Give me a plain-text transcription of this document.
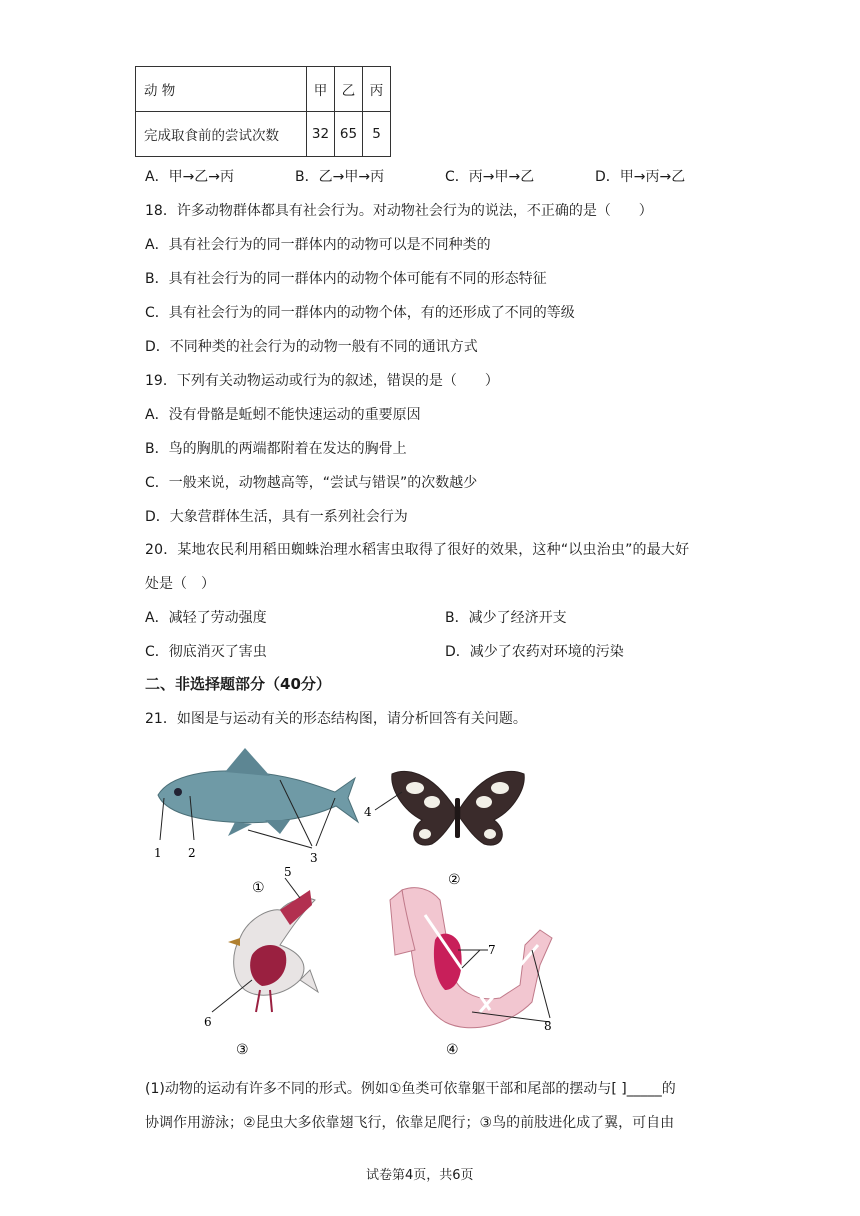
动 物	甲	乙	丙
完成取食前的尝试次数	32	65	5
A．甲→乙→丙	B．乙→甲→丙	C．丙→甲→乙	D．甲→丙→乙
18．许多动物群体都具有社会行为。对动物社会行为的说法，不正确的是（　　）
A．具有社会行为的同一群体内的动物可以是不同种类的
B．具有社会行为的同一群体内的动物个体可能有不同的形态特征
C．具有社会行为的同一群体内的动物个体，有的还形成了不同的等级
D．不同种类的社会行为的动物一般有不同的通讯方式
19．下列有关动物运动或行为的叙述，错误的是（　　）
A．没有骨骼是蚯蚓不能快速运动的重要原因
B．鸟的胸肌的两端都附着在发达的胸骨上
C．一般来说，动物越高等，“尝试与错误”的次数越少
D．大象营群体生活，具有一系列社会行为
20．某地农民利用稻田蜘蛛治理水稻害虫取得了很好的效果，这种“以虫治虫”的最大好
处是（　）
A．减轻了劳动强度	B．减少了经济开支
C．彻底消灭了害虫	D．减少了农药对环境的污染
二、非选择题部分（40分）
21．如图是与运动有关的形态结构图，请分析回答有关问题。
1 2	3
①
4
②
5
6
③
7
8
④
(1)动物的运动有许多不同的形式。例如①鱼类可依靠躯干部和尾部的摆动与[ ]_____的
协调作用游泳；②昆虫大多依靠翅飞行，依靠足爬行；③鸟的前肢进化成了翼，可自由
试卷第4页，共6页
